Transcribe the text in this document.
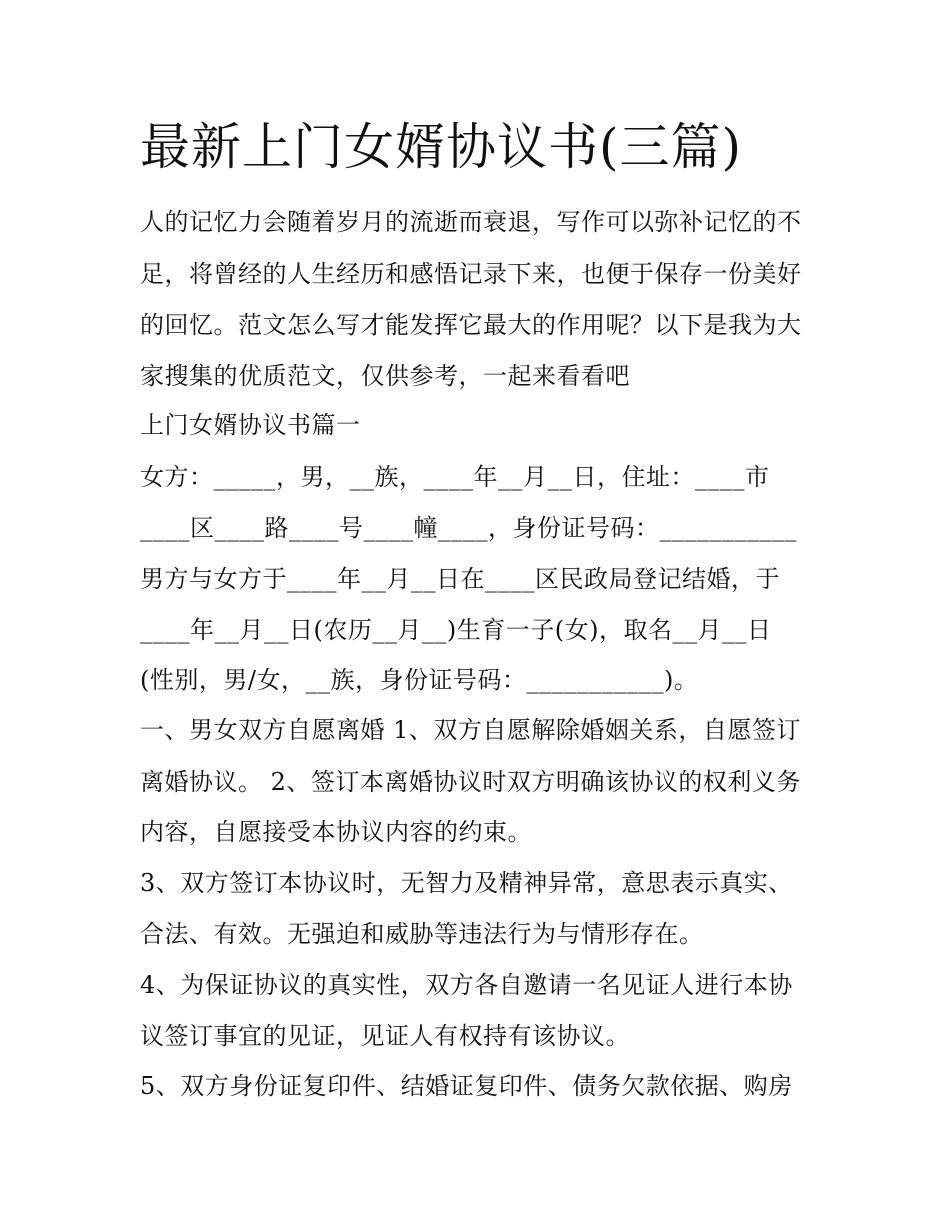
最新上门女婿协议书(三篇)
人的记忆力会随着岁月的流逝而衰退，写作可以弥补记忆的不
足，将曾经的人生经历和感悟记录下来，也便于保存一份美好
的回忆。范文怎么写才能发挥它最大的作用呢？以下是我为大
家搜集的优质范文，仅供参考，一起来看看吧
上门女婿协议书篇一
女方：_____，男，__族，____年__月__日，住址：____市
____区____路____号____幢____，身份证号码：___________
男方与女方于____年__月__日在____区民政局登记结婚，于
____年__月__日(农历__月__)生育一子(女)，取名__月__日
(性别，男/女，__族，身份证号码：___________)。
一、男女双方自愿离婚 1、双方自愿解除婚姻关系，自愿签订
离婚协议。 2、签订本离婚协议时双方明确该协议的权利义务
内容，自愿接受本协议内容的约束。
3、双方签订本协议时，无智力及精神异常，意思表示真实、
合法、有效。无强迫和威胁等违法行为与情形存在。
4、为保证协议的真实性，双方各自邀请一名见证人进行本协
议签订事宜的见证，见证人有权持有该协议。
5、双方身份证复印件、结婚证复印件、债务欠款依据、购房
